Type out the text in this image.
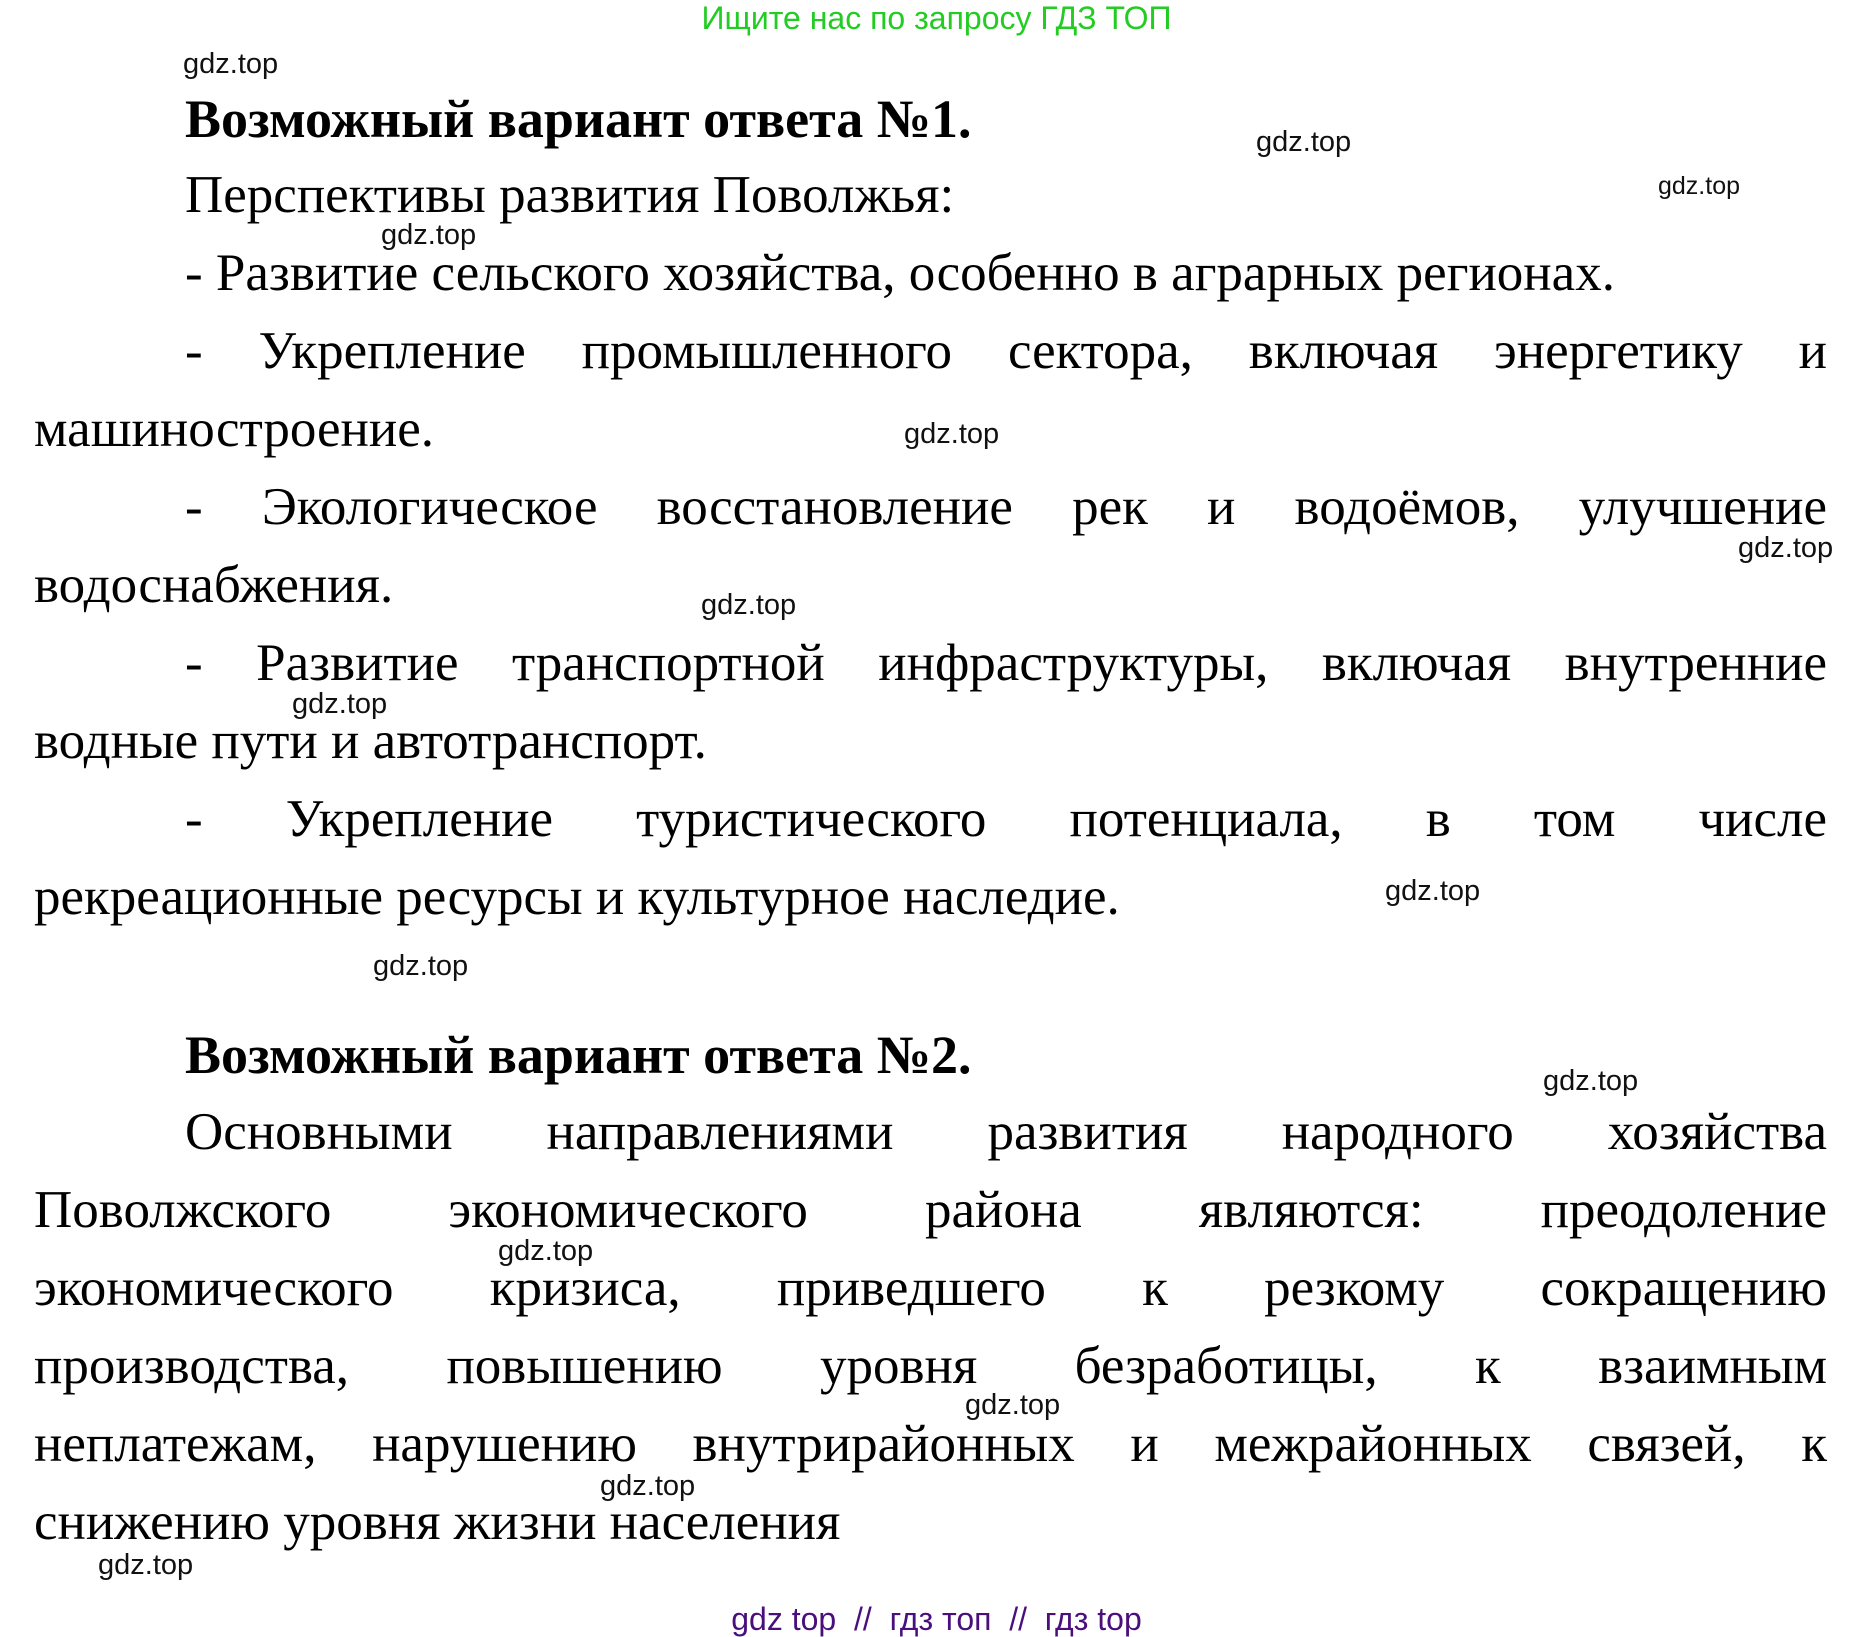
Ищите нас по запросу ГДЗ ТОП
Возможный вариант ответа №1.
Перспективы развития Поволжья:
- Развитие сельского хозяйства, особенно в аграрных регионах.
- Укрепление промышленного сектора, включая энергетику и
машиностроение.
- Экологическое восстановление рек и водоёмов, улучшение
водоснабжения.
- Развитие транспортной инфраструктуры, включая внутренние
водные пути и автотранспорт.
- Укрепление туристического потенциала, в том числе
рекреационные ресурсы и культурное наследие.
Возможный вариант ответа №2.
Основными направлениями развития народного хозяйства
Поволжского экономического района являются: преодоление
экономического кризиса, приведшего к резкому сокращению
производства, повышению уровня безработицы, к взаимным
неплатежам, нарушению внутрирайонных и межрайонных связей, к
снижению уровня жизни населения
gdz.top
gdz.top
gdz.top
gdz.top
gdz.top
gdz.top
gdz.top
gdz.top
gdz.top
gdz.top
gdz.top
gdz.top
gdz.top
gdz.top
gdz.top
gdz top  //  гдз топ  //  гдз top
